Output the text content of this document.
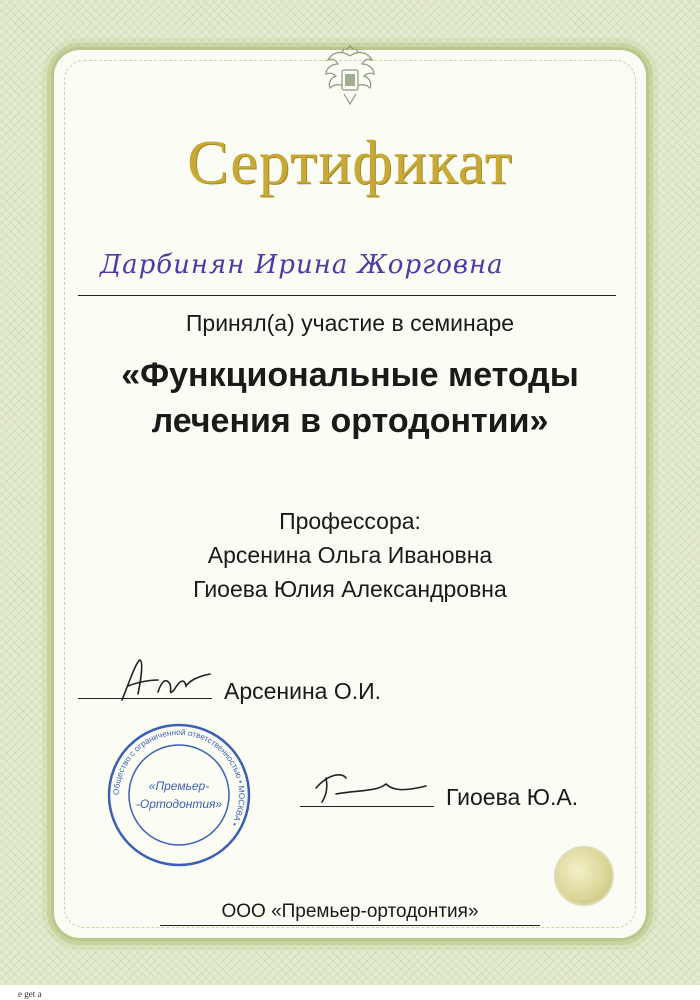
Сертификат
Дарбинян Ирина Жорговна
Принял(а) участие в семинаре
«Функциональные методы лечения в ортодонтии»
Профессора:
Арсенина Ольга Ивановна
Гиоева Юлия Александровна
Арсенина О.И.
Общество с ограниченной ответственностью • МОСКВА •
«Премьер-
-Ортодонтия»	Гиоева Ю.А.
ООО «Премьер-ортодонтия»
е get a
